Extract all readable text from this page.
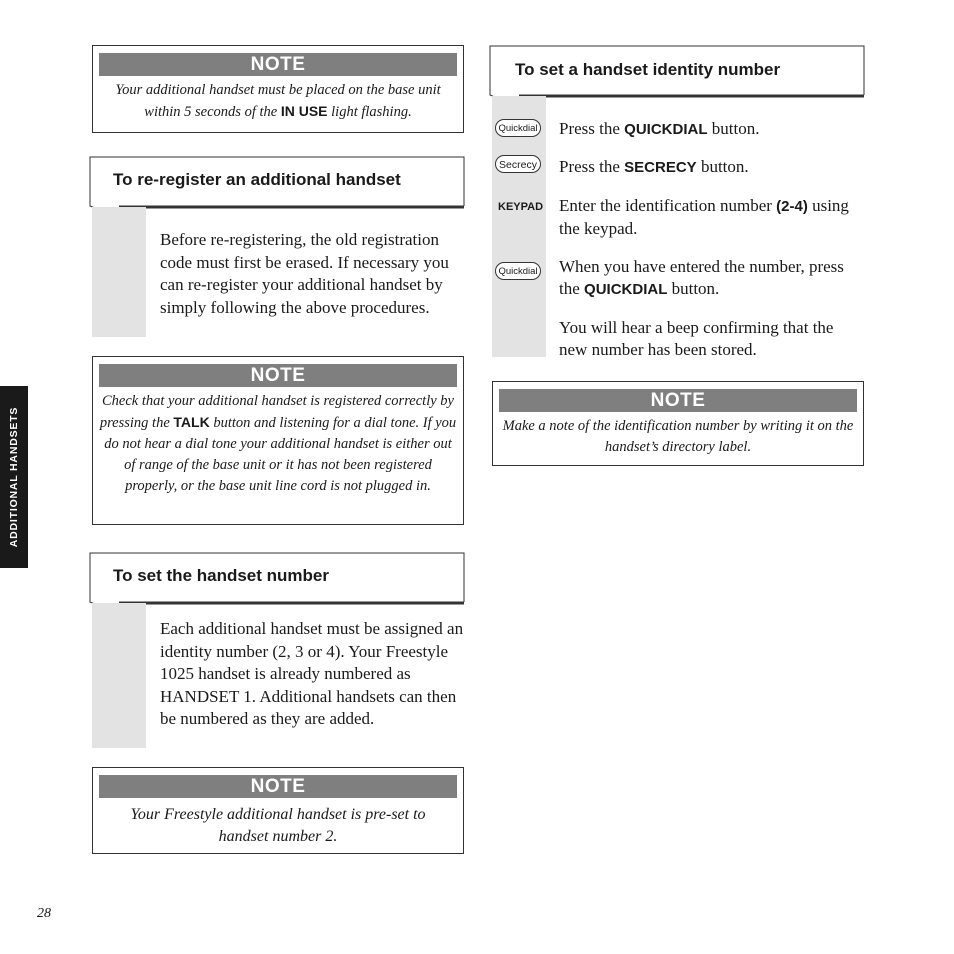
ADDITIONAL HANDSETS
NOTE
Your additional handset must be placed on the base unit within 5 seconds of the IN USE light flashing.
To re-register an additional handset
Before re-registering, the old registration code must first be erased. If necessary you can re-register your additional handset by simply following the above procedures.
NOTE
Check that your additional handset is registered correctly by pressing the TALK button and listening for a dial tone. If you do not hear a dial tone your additional handset is either out of range of the base unit or it has not been registered properly, or the base unit line cord is not plugged in.
To set the handset number
Each additional handset must be assigned an identity number (2, 3 or 4). Your Freestyle 1025 handset is already numbered as HANDSET 1. Additional handsets can then be numbered as they are added.
NOTE
Your Freestyle additional handset is pre-set to handset number 2.
To set a handset identity number
Quickdial Press the QUICKDIAL button.
Secrecy Press the SECRECY button.
KEYPAD Enter the identification number (2-4) using the keypad.
Quickdial When you have entered the number, press the QUICKDIAL button.
You will hear a beep confirming that the new number has been stored.
NOTE
Make a note of the identification number by writing it on the handset’s directory label.
28
